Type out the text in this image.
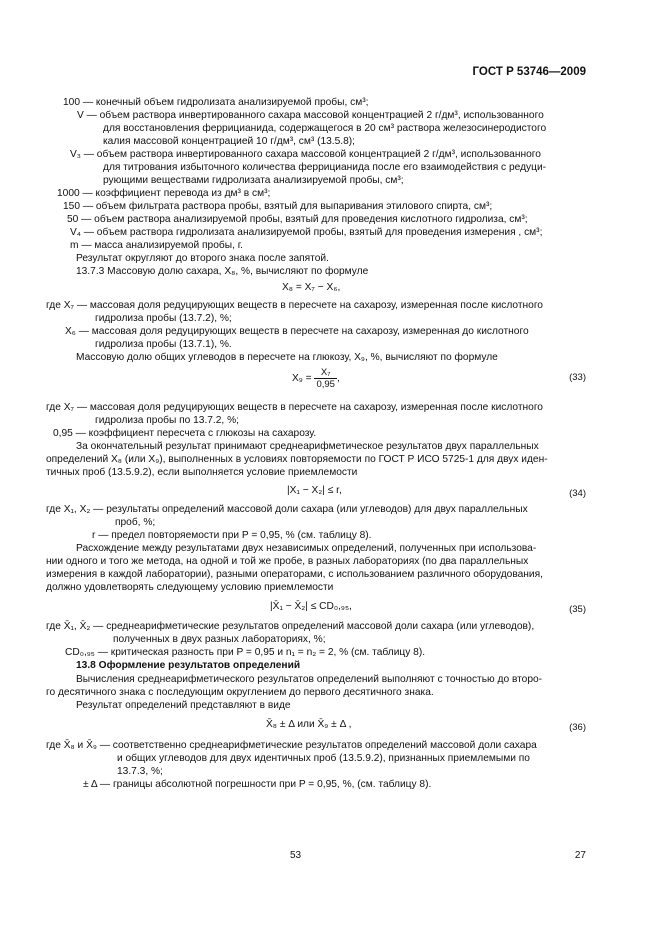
ГОСТ Р 53746—2009
100 — конечный объем гидролизата анализируемой пробы, см³;
V — объем раствора инвертированного сахара массовой концентрацией 2 г/дм³, использованного
для восстановления феррицианида, содержащегося в 20 см³ раствора железосинеродистого
калия массовой концентрацией 10 г/дм³, см³ (13.5.8);
V₃ — объем раствора инвертированного сахара массовой концентрацией 2 г/дм³, использованного
для титрования избыточного количества феррицианида после его взаимодействия с редуци-
рующими веществами гидролизата анализируемой пробы, см³;
1000 — коэффициент перевода из дм³ в см³;
150 — объем фильтрата раствора пробы, взятый для выпаривания этилового спирта, см³;
50 — объем раствора анализируемой пробы, взятый для проведения кислотного гидролиза, см³;
V₄ — объем раствора гидролизата анализируемой пробы, взятый для проведения измерения , см³;
m — масса анализируемой пробы, г.
Результат округляют до второго знака после запятой.
13.7.3 Массовую долю сахара, X₈, %, вычисляют по формуле
X₈ = X₇ − X₆,
где X₇ — массовая доля редуцирующих веществ в пересчете на сахарозу, измеренная после кислотного
гидролиза пробы (13.7.2), %;
X₆ — массовая доля редуцирующих веществ в пересчете на сахарозу, измеренная до кислотного
гидролиза пробы (13.7.1), %.
Массовую долю общих углеводов в пересчете на глюкозу, X₉, %, вычисляют по формуле
$X_9 = \frac{\text{X₇}}{0,95}$ ,	(33)
где X₇ — массовая доля редуцирующих веществ в пересчете на сахарозу, измеренная после кислотного
гидролиза пробы по 13.7.2, %;
0,95 — коэффициент пересчета с глюкозы на сахарозу.
За окончательный результат принимают среднеарифметическое результатов двух параллельных
определений X₈ (или X₉), выполненных в условиях повторяемости по ГОСТ Р ИСО 5725-1 для двух иден-
тичных проб (13.5.9.2), если выполняется условие приемлемости
|X₁ − X₂| ≤ r,	(34)
где X₁, X₂ — результаты определений массовой доли сахара (или углеводов) для двух параллельных
проб, %;
r — предел повторяемости при P = 0,95, % (см. таблицу 8).
Расхождение между результатами двух независимых определений, полученных при использова-
нии одного и того же метода, на одной и той же пробе, в разных лабораториях (по два параллельных
измерения в каждой лаборатории), разными операторами, с использованием различного оборудования,
должно удовлетворять следующему условию приемлемости
|X̄₁ − X̄₂| ≤ CD₀,₉₅,	(35)
где X̄₁, X̄₂ — среднеарифметические результатов определений массовой доли сахара (или углеводов),
полученных в двух разных лабораториях, %;
CD₀,₉₅ — критическая разность при P = 0,95 и n₁ = n₂ = 2, % (см. таблицу 8).
13.8 Оформление результатов определений
Вычисления среднеарифметического результатов определений выполняют с точностью до второ-
го десятичного знака с последующим округлением до первого десятичного знака.
Результат определений представляют в виде
X̄₈ ± Δ или X̄₉ ± Δ ,	(36)
где X̄₈ и X̄₉ — соответственно среднеарифметические результатов определений массовой доли сахара
и общих углеводов для двух идентичных проб (13.5.9.2), признанных приемлемыми по
13.7.3, %;
± Δ — границы абсолютной погрешности при P = 0,95, %, (см. таблицу 8).
53	27
